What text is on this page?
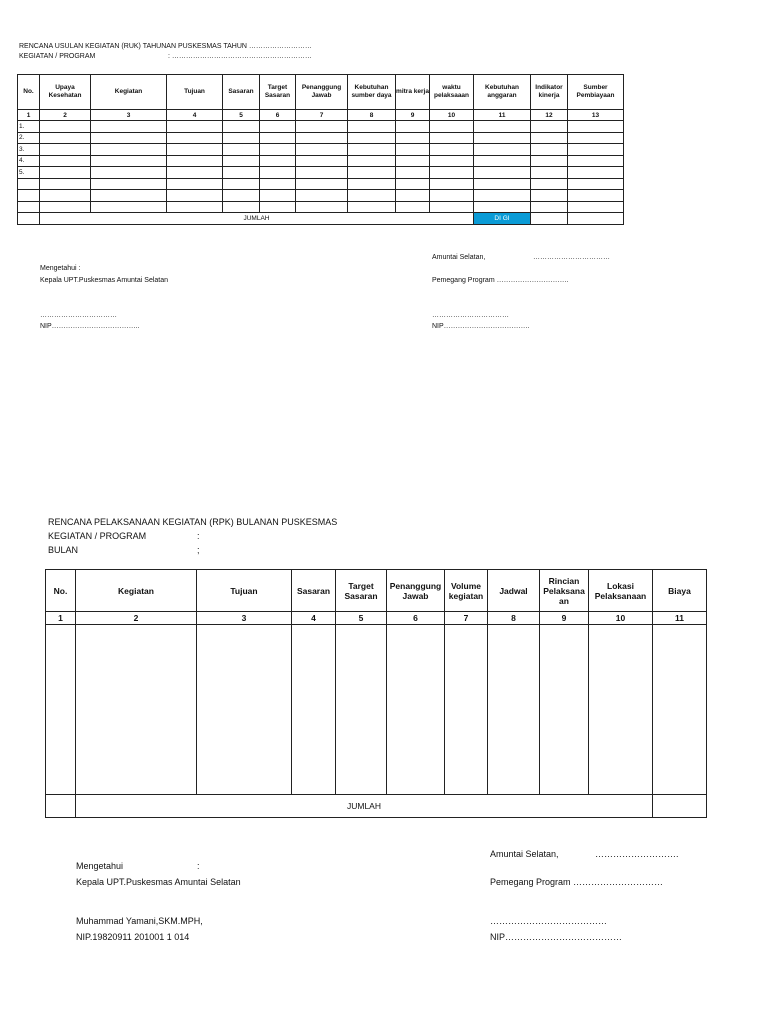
RENCANA USULAN KEGIATAN (RUK) TAHUNAN PUSKESMAS TAHUN ………………………
KEGIATAN / PROGRAM	: ……………………………………………………
No.	Upaya Kesehatan	Kegiatan	Tujuan	Sasaran	Target Sasaran	Penanggung Jawab	Kebutuhan sumber daya	mitra kerja	waktu pelaksaaan	Kebutuhan anggaran	Indikator kinerja	Sumber Pembiayaan
1	2	3	4	5	6	7	8	9	10	11	12	13
1.												
2.												
3.												
4.												
5.												

	JUMLAH									DI GI		
Amuntai Selatan,	……………………………
Mengetahui :
Kepala UPT.Puskesmas Amuntai Selatan	Pemegang Program ………………………….
……………………………	……………………………
NIP………………………………..	NIP……………………………….
RENCANA PELAKSANAAN KEGIATAN (RPK) BULANAN PUSKESMAS
KEGIATAN / PROGRAM	:
BULAN	;
No.	Kegiatan	Tujuan	Sasaran	Target Sasaran	Penanggung Jawab	Volume kegiatan	Jadwal	Rincian Pelaksana an	Lokasi Pelaksanaan	Biaya
1	2	3	4	5	6	7	8	9	10	11

	JUMLAH									
Amuntai Selatan,	……………………….
Mengetahui	:
Kepala UPT.Puskesmas Amuntai Selatan	Pemegang Program …………………………
Muhammad Yamani,SKM.MPH,	…………………………………
NIP.19820911 201001 1 014	NIP…………………………………
